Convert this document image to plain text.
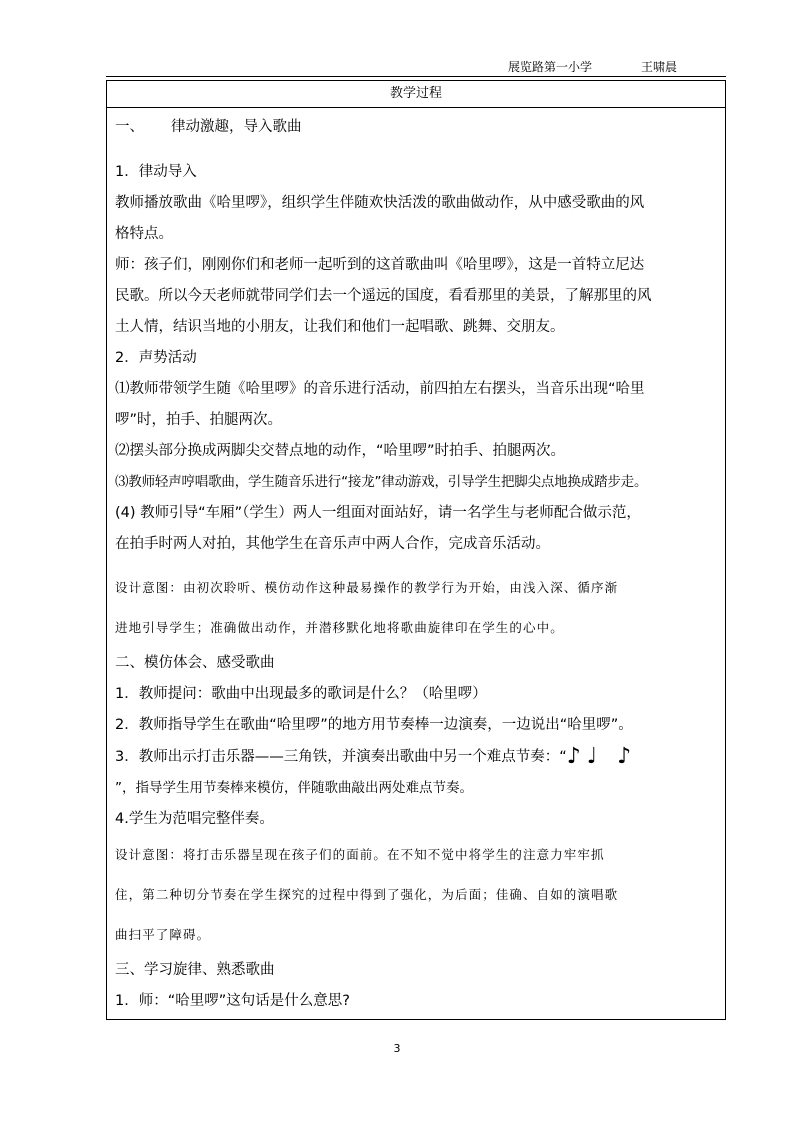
展览路第一小学	王啸晨
教学过程

一、 律动激趣，导入歌曲

1．律动导入

教师播放歌曲《哈里啰》，组织学生伴随欢快活泼的歌曲做动作，从中感受歌曲的风

格特点。

师：孩子们，刚刚你们和老师一起听到的这首歌曲叫《哈里啰》，这是一首特立尼达

民歌。所以今天老师就带同学们去一个遥远的国度，看看那里的美景，了解那里的风

土人情，结识当地的小朋友，让我们和他们一起唱歌、跳舞、交朋友。

2．声势活动

⑴教师带领学生随《哈里啰》的音乐进行活动，前四拍左右摆头，当音乐出现“哈里

啰”时，拍手、拍腿两次。

⑵摆头部分换成两脚尖交替点地的动作，“哈里啰”时拍手、拍腿两次。

⑶教师轻声哼唱歌曲，学生随音乐进行“接龙”律动游戏，引导学生把脚尖点地换成踏步走。

(4) 教师引导“车厢”（学生）两人一组面对面站好，请一名学生与老师配合做示范，

在拍手时两人对拍，其他学生在音乐声中两人合作，完成音乐活动。

设计意图：由初次聆听、模仿动作这种最易操作的教学行为开始，由浅入深、循序渐

进地引导学生；准确做出动作，并潜移默化地将歌曲旋律印在学生的心中。

二、模仿体会、感受歌曲

1．教师提问：歌曲中出现最多的歌词是什么？（哈里啰）

2．教师指导学生在歌曲“哈里啰”的地方用节奏棒一边演奏，一边说出“哈里啰”。

3．教师出示打击乐器——三角铁，并演奏出歌曲中另一个难点节奏：“♪♩ ♪

”，指导学生用节奏棒来模仿，伴随歌曲敲出两处难点节奏。

4.学生为范唱完整伴奏。

设计意图：将打击乐器呈现在孩子们的面前。在不知不觉中将学生的注意力牢牢抓

住，第二种切分节奏在学生探究的过程中得到了强化，为后面；佳确、自如的演唱歌

曲扫平了障碍。

三、学习旋律、熟悉歌曲

1．师：“哈里啰”这句话是什么意思?

3
